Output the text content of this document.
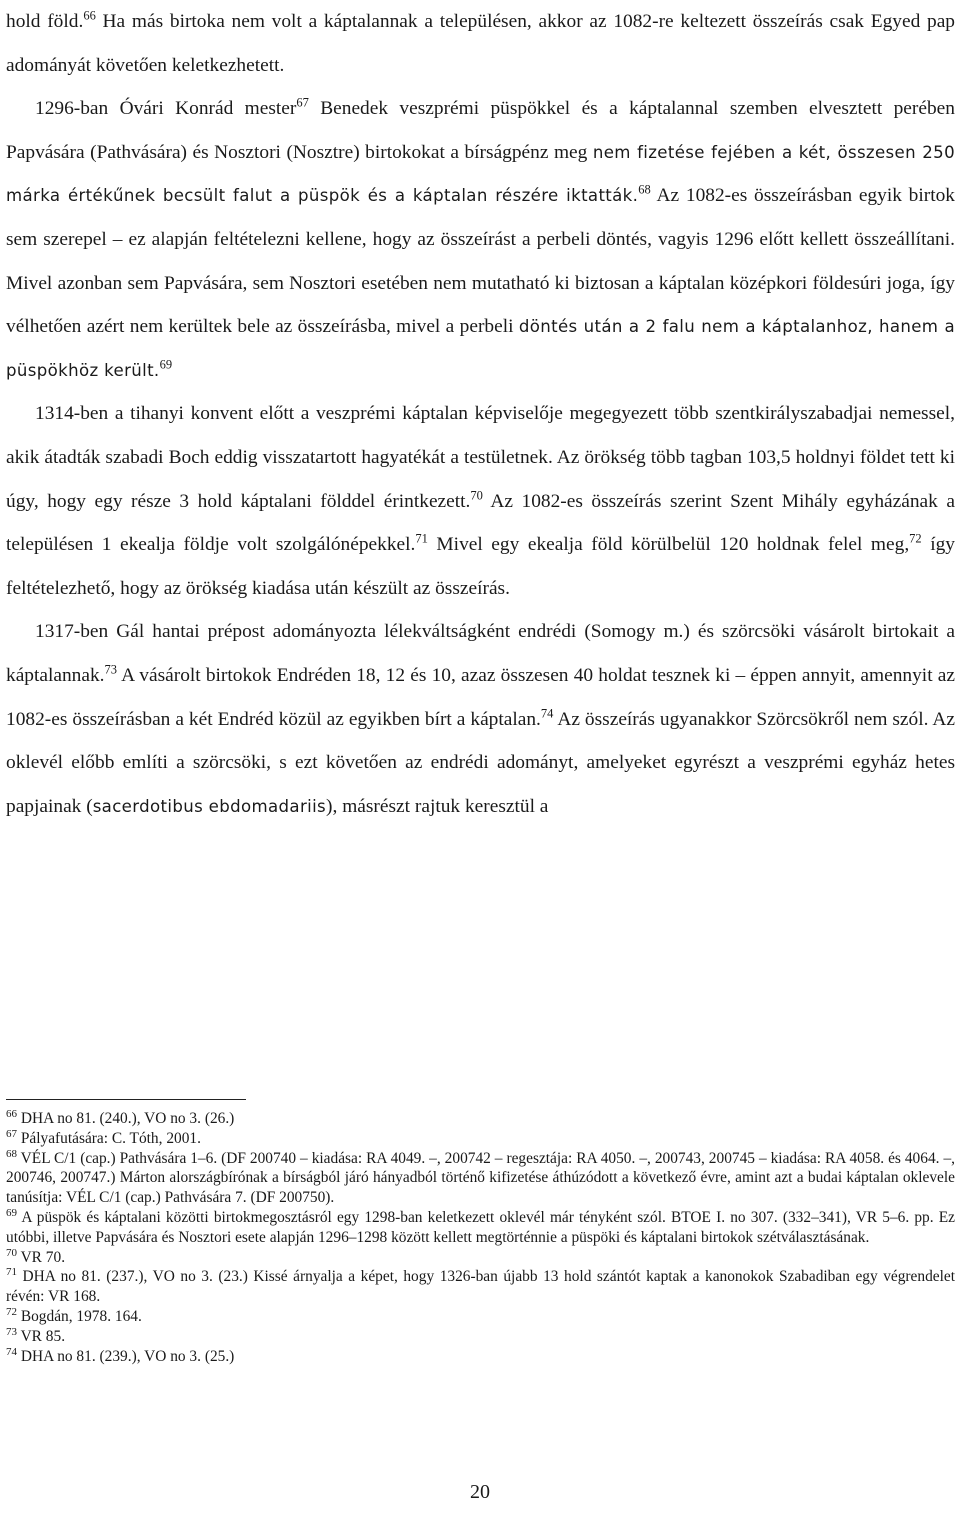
hold föld.$^{66}$ Ha más birtoka nem volt a káptalannak a településen, akkor az 1082-re keltezett összeírás csak Egyed pap adományát követően keletkezhetett.

1296-ban Óvári Konrád mester$^{67}$ Benedek veszprémi püspökkel és a káptalannal szemben elvesztett perében Papvására (Pathvására) és Nosztori (Nosztre) birtokokat a bírságpénz meg nem fizetése fejében a két, összesen 250 márka értékűnek becsült falut a püspök és a káptalan részére iktatták.$^{68}$ Az 1082-es összeírásban egyik birtok sem szerepel – ez alapján feltételezni kellene, hogy az összeírást a perbeli döntés, vagyis 1296 előtt kellett összeállítani. Mivel azonban sem Papvására, sem Nosztori esetében nem mutatható ki biztosan a káptalan középkori földesúri joga, így vélhetően azért nem kerültek bele az összeírásba, mivel a perbeli döntés után a 2 falu nem a káptalanhoz, hanem a püspökhöz került.$^{69}$

1314-ben a tihanyi konvent előtt a veszprémi káptalan képviselője megegyezett több szentkirályszabadjai nemessel, akik átadták szabadi Boch eddig visszatartott hagyatékát a testületnek. Az örökség több tagban 103,5 holdnyi földet tett ki úgy, hogy egy része 3 hold káptalani földdel érintkezett.$^{70}$ Az 1082-es összeírás szerint Szent Mihály egyházának a településen 1 ekealja földje volt szolgálónépekkel.$^{71}$ Mivel egy ekealja föld körülbelül 120 holdnak felel meg,$^{72}$ így feltételezhető, hogy az örökség kiadása után készült az összeírás.

1317-ben Gál hantai prépost adományozta lélekváltságként endrédi (Somogy m.) és szörcsöki vásárolt birtokait a káptalannak.$^{73}$ A vásárolt birtokok Endréden 18, 12 és 10, azaz összesen 40 holdat tesznek ki – éppen annyit, amennyit az 1082-es összeírásban a két Endréd közül az egyikben bírt a káptalan.$^{74}$ Az összeírás ugyanakkor Szörcsökről nem szól. Az oklevél előbb említi a szörcsöki, s ezt követően az endrédi adományt, amelyeket egyrészt a veszprémi egyház hetes papjainak (sacerdotibus ebdomadariis), másrészt rajtuk keresztül a

$^{66}$ DHA no 81. (240.), VO no 3. (26.)

$^{67}$ Pályafutására: C. Tóth, 2001.

$^{68}$ VÉL C/1 (cap.) Pathvására 1–6. (DF 200740 – kiadása: RA 4049. –, 200742 – regesztája: RA 4050. –, 200743, 200745 – kiadása: RA 4058. és 4064. –, 200746, 200747.) Márton alországbírónak a bírságból járó hányadból történő kifizetése áthúzódott a következő évre, amint azt a budai káptalan oklevele tanúsítja: VÉL C/1 (cap.) Pathvására 7. (DF 200750).

$^{69}$ A püspök és káptalani közötti birtokmegosztásról egy 1298-ban keletkezett oklevél már tényként szól. BTOE I. no 307. (332–341), VR 5–6. pp. Ez utóbbi, illetve Papvására és Nosztori esete alapján 1296–1298 között kellett megtörténnie a püspöki és káptalani birtokok szétválasztásának.

$^{70}$ VR 70.

$^{71}$ DHA no 81. (237.), VO no 3. (23.) Kissé árnyalja a képet, hogy 1326-ban újabb 13 hold szántót kaptak a kanonokok Szabadiban egy végrendelet révén: VR 168.

$^{72}$ Bogdán, 1978. 164.

$^{73}$ VR 85.

$^{74}$ DHA no 81. (239.), VO no 3. (25.)

20
